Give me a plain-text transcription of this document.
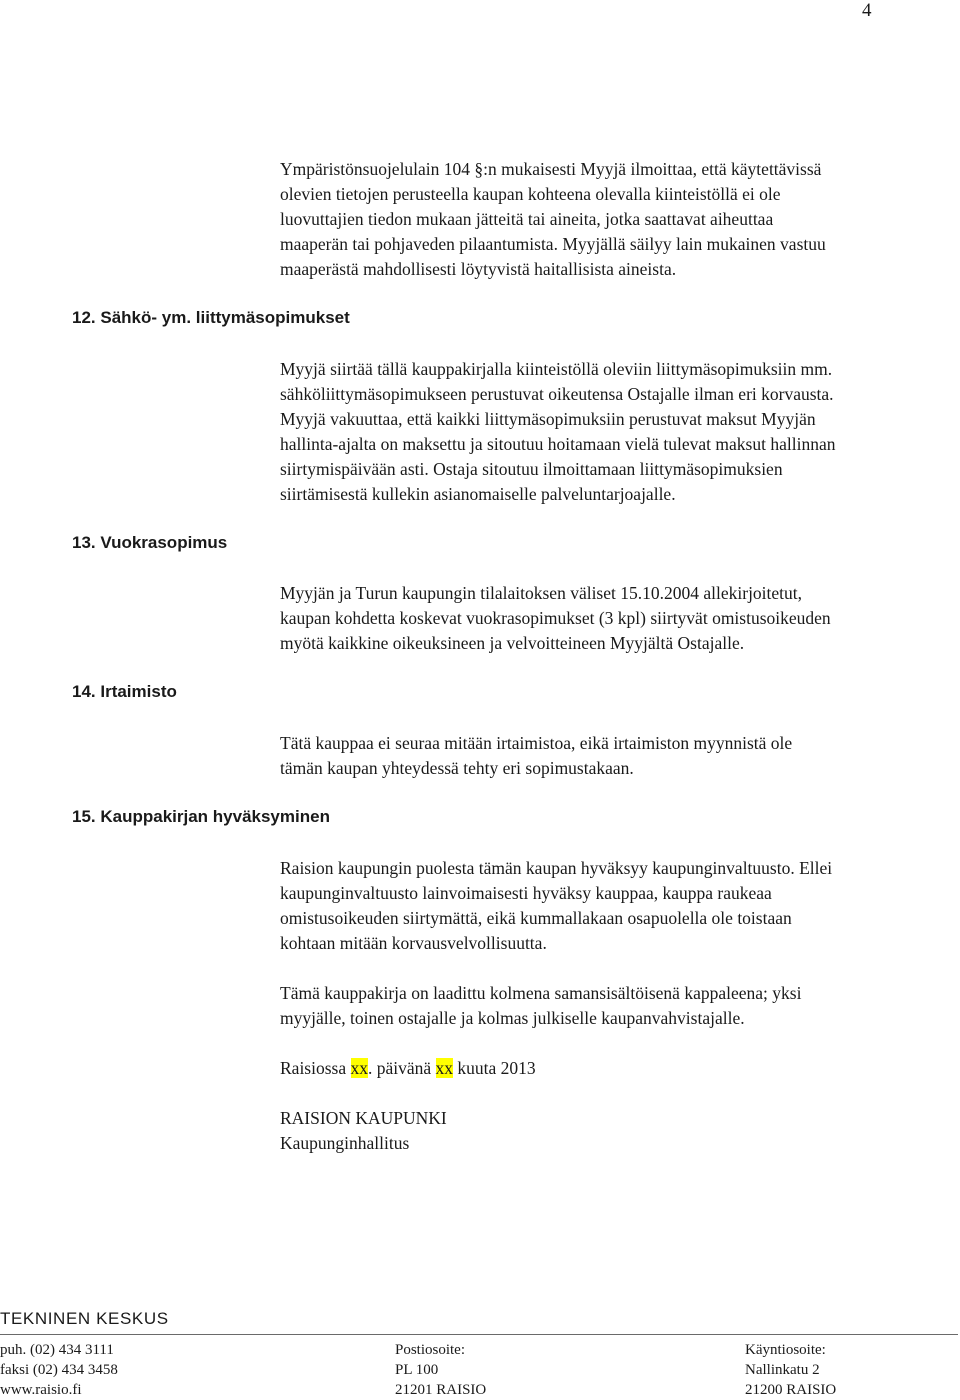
4
Ympäristönsuojelulain 104 §:n mukaisesti Myyjä ilmoittaa, että käytettävissä
olevien tietojen perusteella kaupan kohteena olevalla kiinteistöllä ei ole
luovuttajien tiedon mukaan jätteitä tai aineita, jotka saattavat aiheuttaa
maaperän tai pohjaveden pilaantumista. Myyjällä säilyy lain mukainen vastuu
maaperästä mahdollisesti löytyvistä haitallisista aineista.
12. Sähkö- ym. liittymäsopimukset
Myyjä siirtää tällä kauppakirjalla kiinteistöllä oleviin liittymäsopimuksiin mm.
sähköliittymäsopimukseen perustuvat oikeutensa Ostajalle ilman eri korvausta.
Myyjä vakuuttaa, että kaikki liittymäsopimuksiin perustuvat maksut Myyjän
hallinta-ajalta on maksettu ja sitoutuu hoitamaan vielä tulevat maksut hallinnan
siirtymispäivään asti. Ostaja sitoutuu ilmoittamaan liittymäsopimuksien
siirtämisestä kullekin asianomaiselle palveluntarjoajalle.
13. Vuokrasopimus
Myyjän ja Turun kaupungin tilalaitoksen väliset 15.10.2004 allekirjoitetut,
kaupan kohdetta koskevat vuokrasopimukset (3 kpl) siirtyvät omistusoikeuden
myötä kaikkine oikeuksineen ja velvoitteineen Myyjältä Ostajalle.
14. Irtaimisto
Tätä kauppaa ei seuraa mitään irtaimistoa, eikä irtaimiston myynnistä ole
tämän kaupan yhteydessä tehty eri sopimustakaan.
15. Kauppakirjan hyväksyminen
Raision kaupungin puolesta tämän kaupan hyväksyy kaupunginvaltuusto. Ellei
kaupunginvaltuusto lainvoimaisesti hyväksy kauppaa, kauppa raukeaa
omistusoikeuden siirtymättä, eikä kummallakaan osapuolella ole toistaan
kohtaan mitään korvausvelvollisuutta.
Tämä kauppakirja on laadittu kolmena samansisältöisenä kappaleena; yksi
myyjälle, toinen ostajalle ja kolmas julkiselle kaupanvahvistajalle.
Raisiossa xx. päivänä xx kuuta 2013
RAISION KAUPUNKI
Kaupunginhallitus
TEKNINEN KESKUS
puh. (02) 434 3111
faksi (02) 434 3458
www.raisio.fi
Postiosoite:
PL 100
21201 RAISIO
Käyntiosoite:
Nallinkatu 2
21200 RAISIO
